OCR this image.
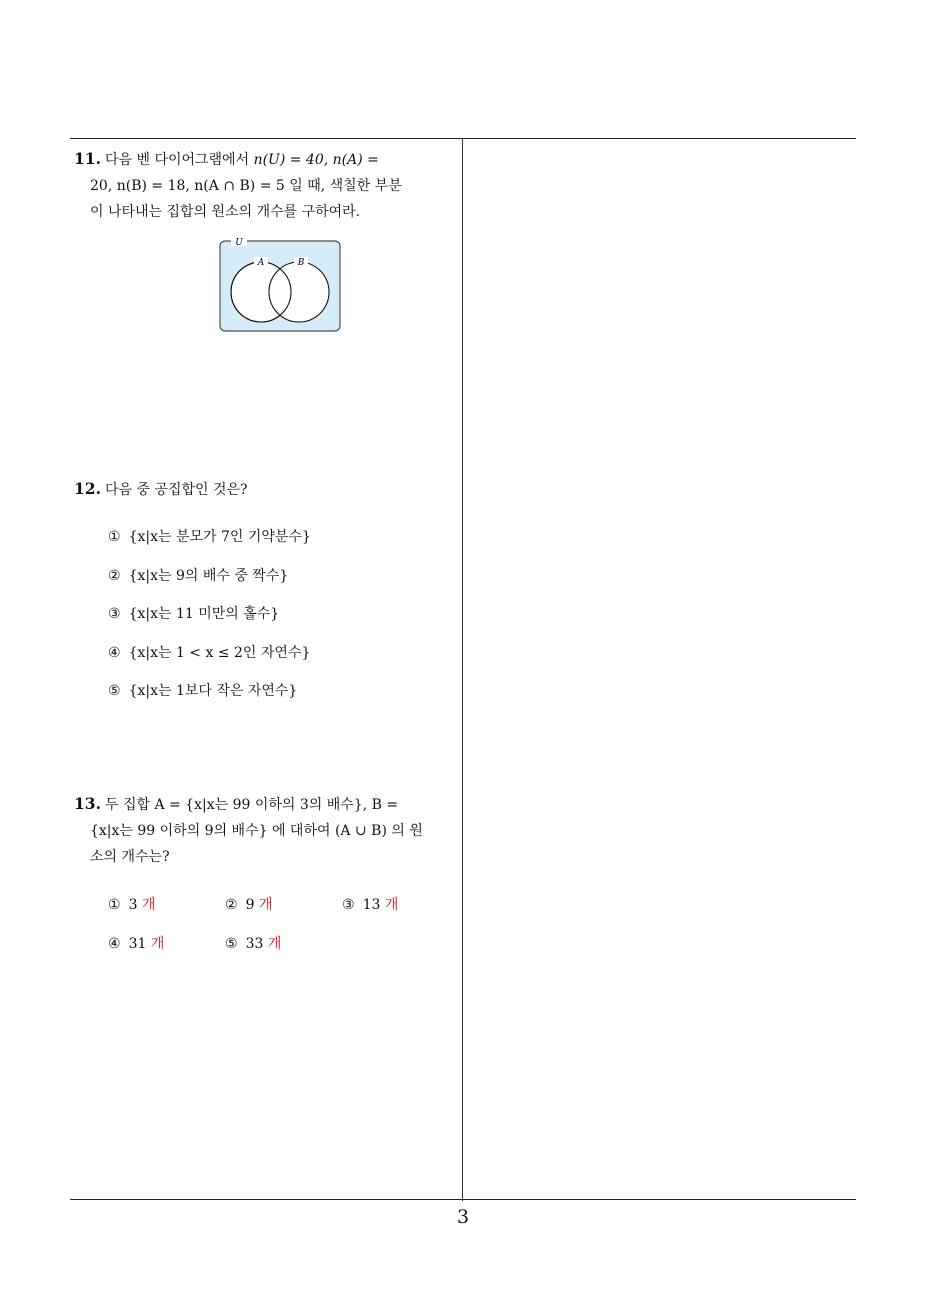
11. 다음 벤 다이어그램에서 n(U) = 40, n(A) =
20, n(B) = 18, n(A ∩ B) = 5 일 때, 색칠한 부분
이 나타내는 집합의 원소의 개수를 구하여라.

U
A	B

12. 다음 중 공집합인 것은?

① {x|x는 분모가 7인 기약분수}
② {x|x는 9의 배수 중 짝수}
③ {x|x는 11 미만의 홀수}
④ {x|x는 1 < x ≤ 2인 자연수}
⑤ {x|x는 1보다 작은 자연수}

13. 두 집합 A = {x|x는 99 이하의 3의 배수}, B =
{x|x는 99 이하의 9의 배수} 에 대하여 (A ∪ B) 의 원
소의 개수는?

① 3 개	② 9 개	③ 13 개
④ 31 개	⑤ 33 개
3
